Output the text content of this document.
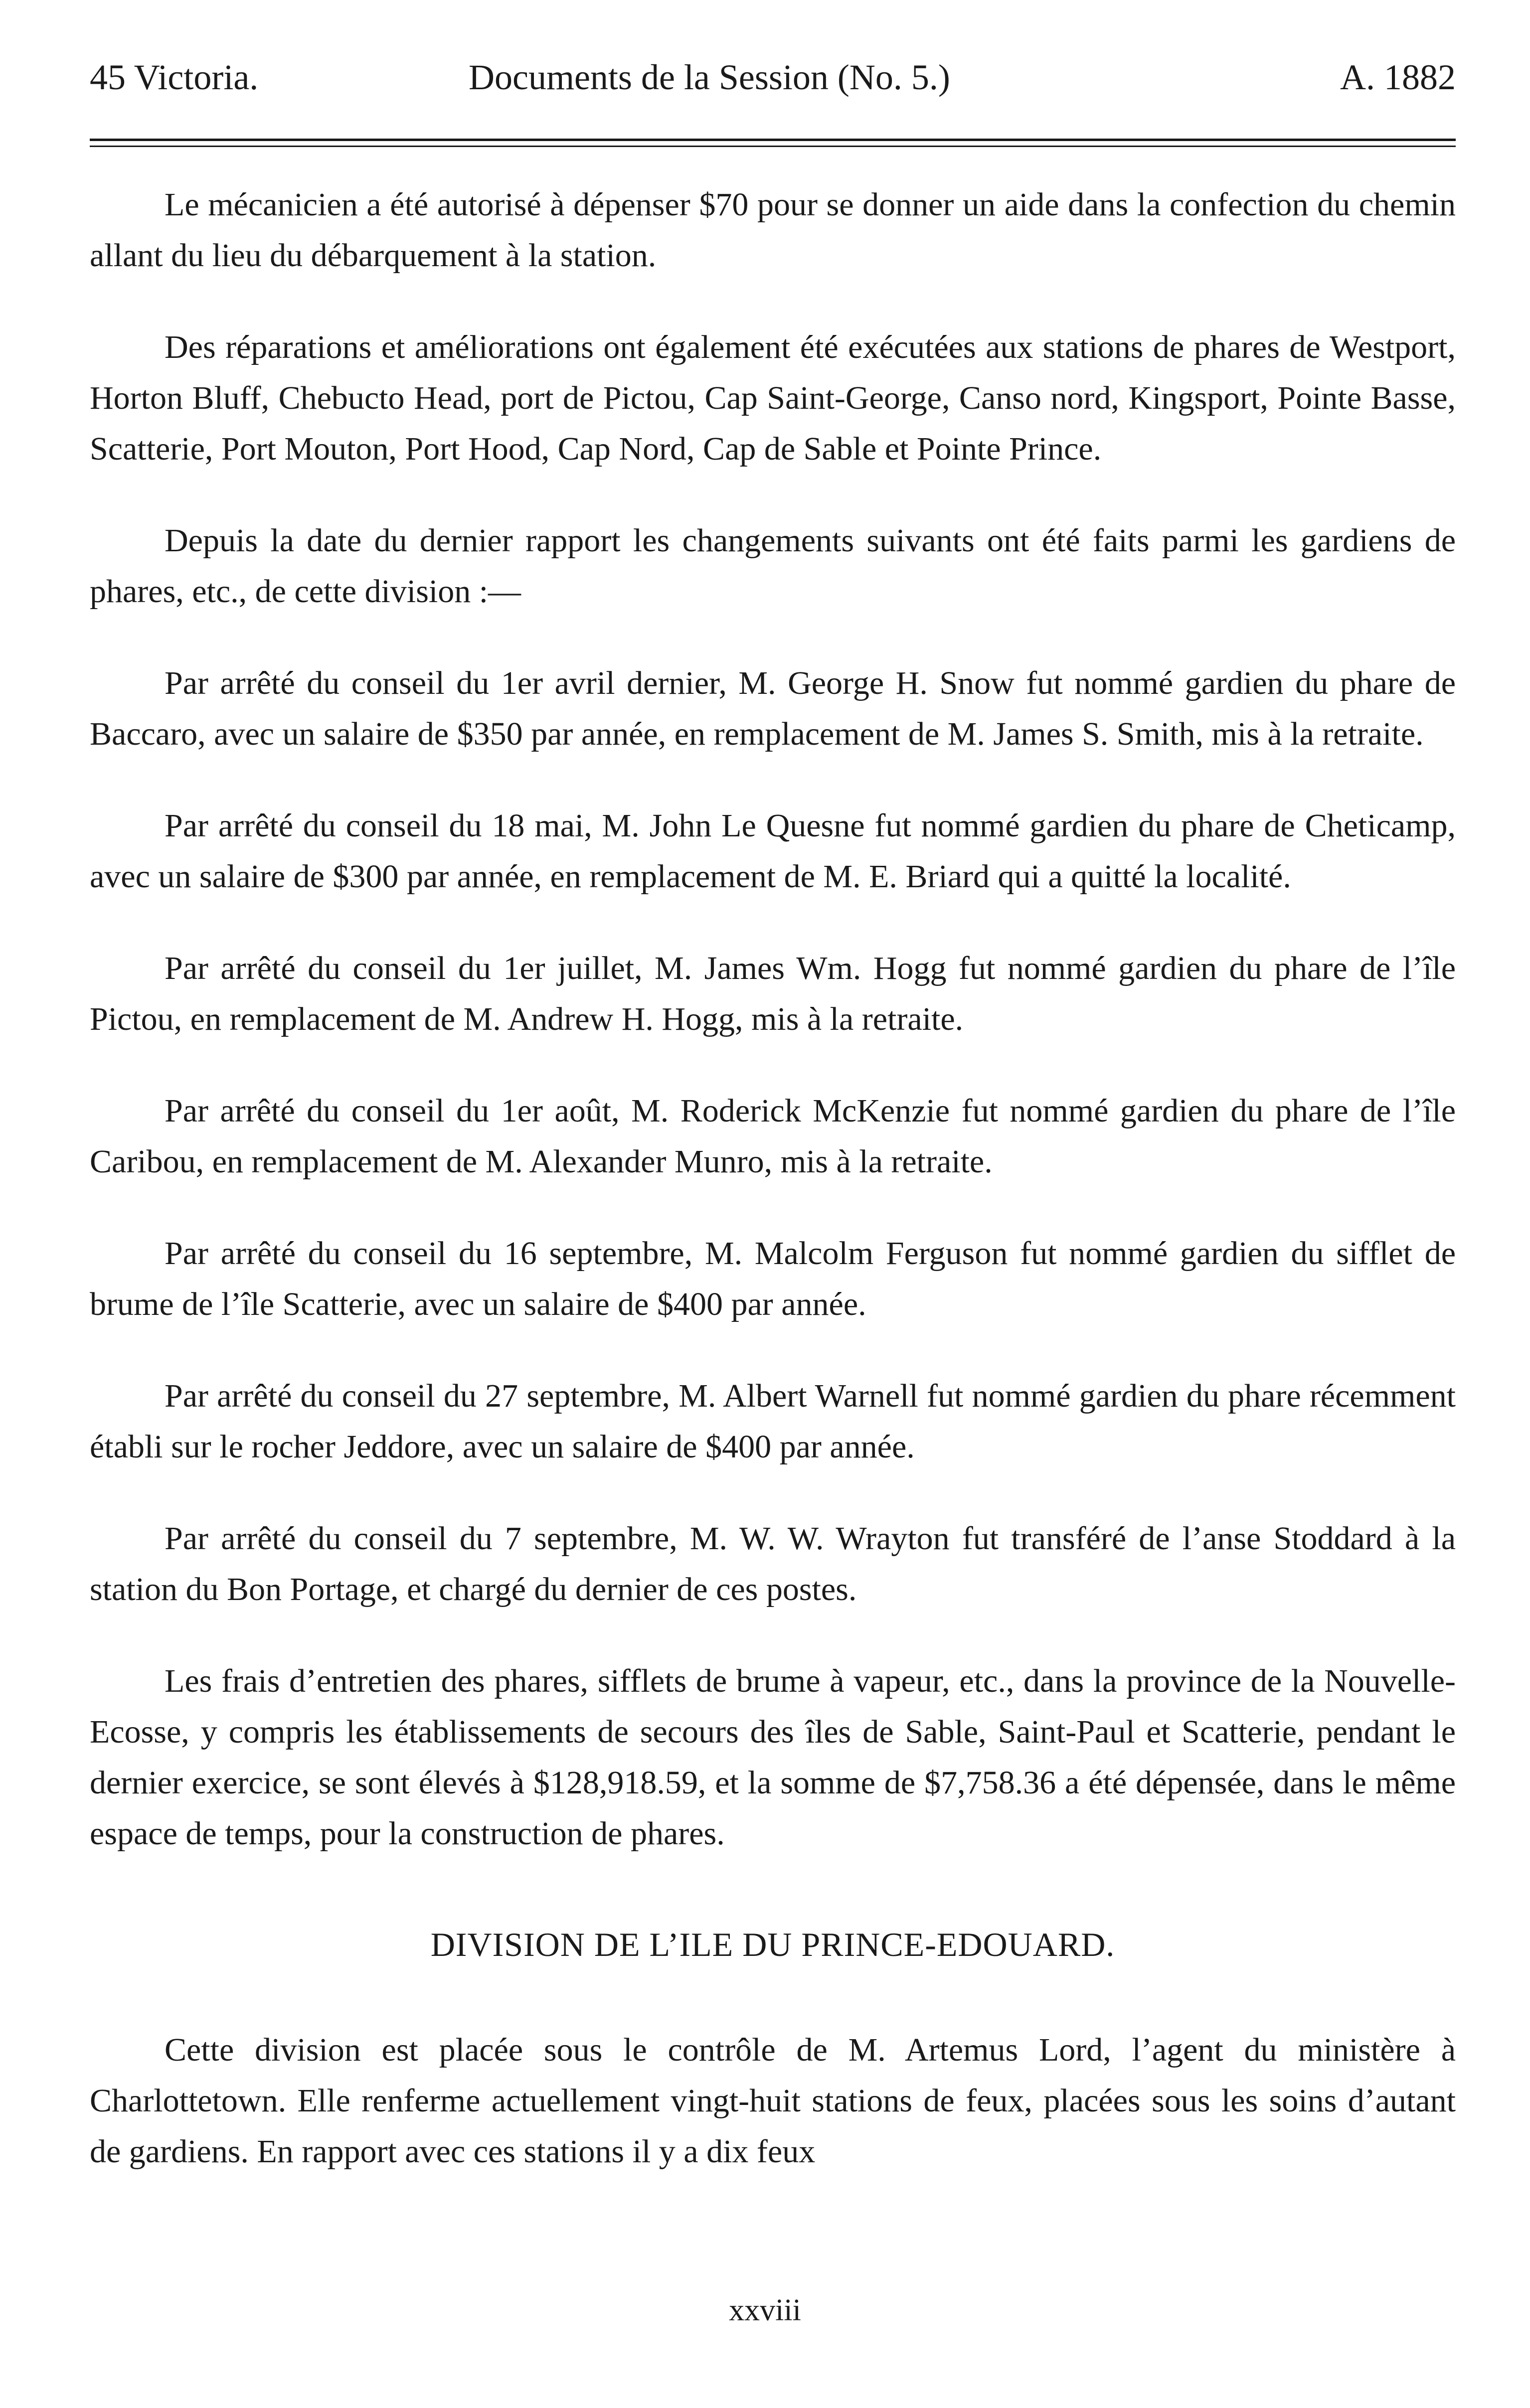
45 Victoria.	Documents de la Session (No. 5.)	A. 1882

Le mécanicien a été autorisé à dépenser $70 pour se donner un aide dans la confection du chemin allant du lieu du débarquement à la station.

Des réparations et améliorations ont également été exécutées aux stations de phares de Westport, Horton Bluff, Chebucto Head, port de Pictou, Cap Saint-George, Canso nord, Kingsport, Pointe Basse, Scatterie, Port Mouton, Port Hood, Cap Nord, Cap de Sable et Pointe Prince.

Depuis la date du dernier rapport les changements suivants ont été faits parmi les gardiens de phares, etc., de cette division :—

Par arrêté du conseil du 1er avril dernier, M. George H. Snow fut nommé gardien du phare de Baccaro, avec un salaire de $350 par année, en remplacement de M. James S. Smith, mis à la retraite.

Par arrêté du conseil du 18 mai, M. John Le Quesne fut nommé gardien du phare de Cheticamp, avec un salaire de $300 par année, en remplacement de M. E. Briard qui a quitté la localité.

Par arrêté du conseil du 1er juillet, M. James Wm. Hogg fut nommé gardien du phare de l’île Pictou, en remplacement de M. Andrew H. Hogg, mis à la retraite.

Par arrêté du conseil du 1er août, M. Roderick McKenzie fut nommé gardien du phare de l’île Caribou, en remplacement de M. Alexander Munro, mis à la retraite.

Par arrêté du conseil du 16 septembre, M. Malcolm Ferguson fut nommé gardien du sifflet de brume de l’île Scatterie, avec un salaire de $400 par année.

Par arrêté du conseil du 27 septembre, M. Albert Warnell fut nommé gardien du phare récemment établi sur le rocher Jeddore, avec un salaire de $400 par année.

Par arrêté du conseil du 7 septembre, M. W. W. Wrayton fut transféré de l’anse Stoddard à la station du Bon Portage, et chargé du dernier de ces postes.

Les frais d’entretien des phares, sifflets de brume à vapeur, etc., dans la province de la Nouvelle-Ecosse, y compris les établissements de secours des îles de Sable, Saint-Paul et Scatterie, pendant le dernier exercice, se sont élevés à $128,918.59, et la somme de $7,758.36 a été dépensée, dans le même espace de temps, pour la construction de phares.

DIVISION DE L’ILE DU PRINCE-EDOUARD.

Cette division est placée sous le contrôle de M. Artemus Lord, l’agent du ministère à Charlottetown. Elle renferme actuellement vingt-huit stations de feux, placées sous les soins d’autant de gardiens. En rapport avec ces stations il y a dix feux

xxviii
